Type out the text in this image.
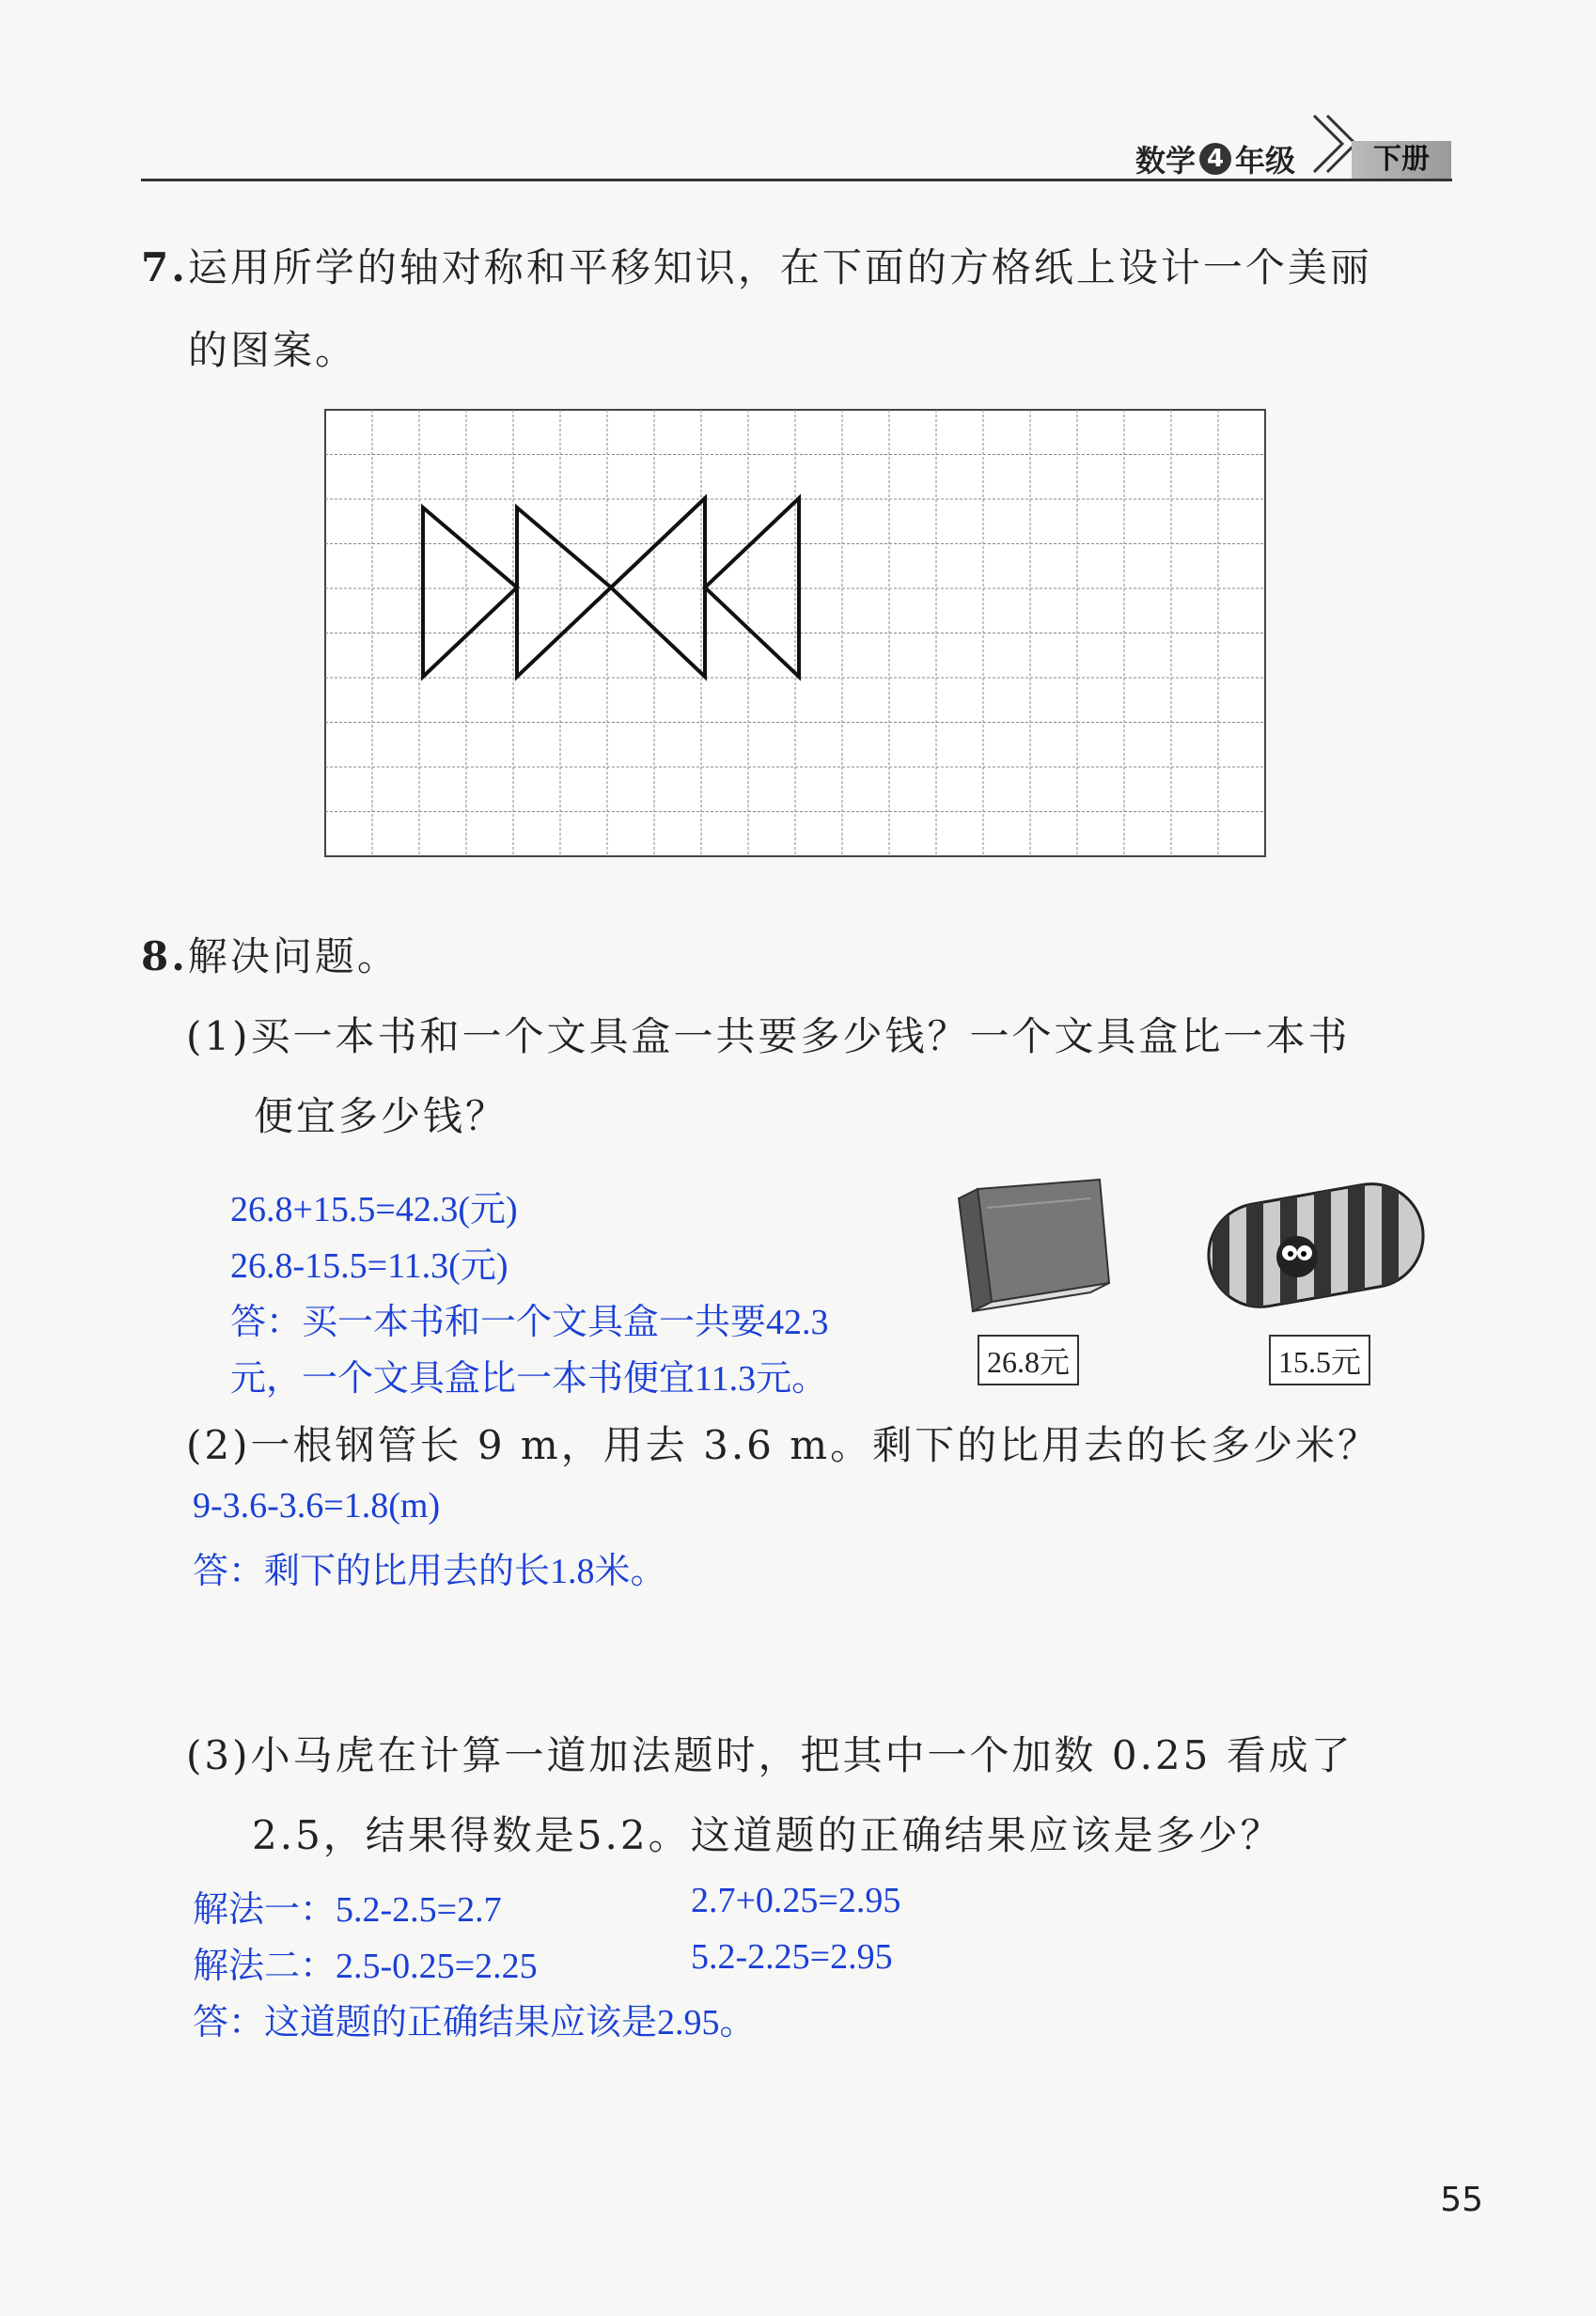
数学 4 年级	下册
7.运用所学的轴对称和平移知识，在下面的方格纸上设计一个美丽
的图案。
8.解决问题。
(1)买一本书和一个文具盒一共要多少钱？一个文具盒比一本书
便宜多少钱？
26.8+15.5=42.3(元)
26.8-15.5=11.3(元)
答：买一本书和一个文具盒一共要42.3
元，一个文具盒比一本书便宜11.3元。	26.8元	15.5元
(2)一根钢管长 9 m，用去 3.6 m。剩下的比用去的长多少米？
9-3.6-3.6=1.8(m)
答：剩下的比用去的长1.8米。
(3)小马虎在计算一道加法题时，把其中一个加数 0.25 看成了
2.5，结果得数是5.2。这道题的正确结果应该是多少？
解法一：5.2-2.5=2.7	2.7+0.25=2.95
解法二：2.5-0.25=2.25	5.2-2.25=2.95
答：这道题的正确结果应该是2.95。
55
